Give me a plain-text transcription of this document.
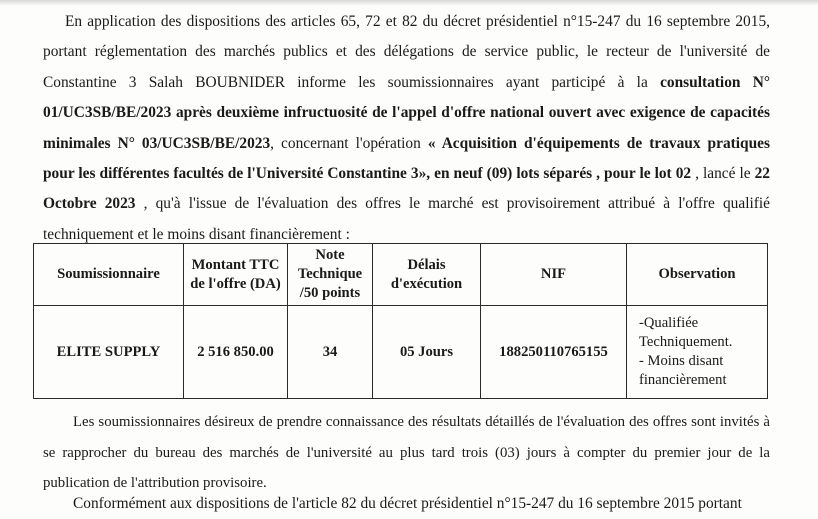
En application des dispositions des articles 65, 72 et 82 du décret présidentiel n°15-247 du 16 septembre 2015, portant réglementation des marchés publics et des délégations de service public, le recteur de l'université de Constantine 3 Salah BOUBNIDER informe les soumissionnaires ayant participé à la consultation N° 01/UC3SB/BE/2023 après deuxième infructuosité de l'appel d'offre national ouvert avec exigence de capacités minimales N° 03/UC3SB/BE/2023, concernant l'opération « Acquisition d'équipements de travaux pratiques pour les différentes facultés de l'Université Constantine 3», en neuf (09) lots séparés , pour le lot 02 , lancé le 22 Octobre 2023 , qu'à l'issue de l'évaluation des offres le marché est provisoirement attribué à l'offre qualifié techniquement et le moins disant financièrement :

Soumissionnaire	Montant TTC de l'offre (DA)	Note Technique /50 points	Délais d'exécution	NIF	Observation
ELITE SUPPLY	2 516 850.00	34	05 Jours	188250110765155	-Qualifiée Techniquement.
- Moins disant financièrement

Les soumissionnaires désireux de prendre connaissance des résultats détaillés de l'évaluation des offres sont invités à se rapprocher du bureau des marchés de l'université au plus tard trois (03) jours à compter du premier jour de la publication de l'attribution provisoire.

Conformément aux dispositions de l'article 82 du décret présidentiel n°15-247 du 16 septembre 2015 portant
